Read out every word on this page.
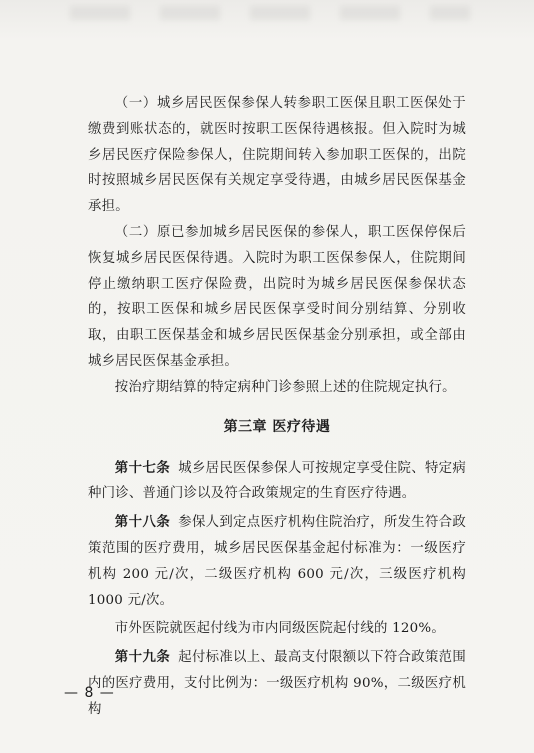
（一）城乡居民医保参保人转参职工医保且职工医保处于缴费到账状态的，就医时按职工医保待遇核报。但入院时为城乡居民医疗保险参保人，住院期间转入参加职工医保的，出院时按照城乡居民医保有关规定享受待遇，由城乡居民医保基金承担。

（二）原已参加城乡居民医保的参保人，职工医保停保后恢复城乡居民医保待遇。入院时为职工医保参保人，住院期间停止缴纳职工医疗保险费，出院时为城乡居民医保参保状态的，按职工医保和城乡居民医保享受时间分别结算、分别收取，由职工医保基金和城乡居民医保基金分别承担，或全部由城乡居民医保基金承担。

按治疗期结算的特定病种门诊参照上述的住院规定执行。

第三章 医疗待遇

第十七条 城乡居民医保参保人可按规定享受住院、特定病种门诊、普通门诊以及符合政策规定的生育医疗待遇。

第十八条 参保人到定点医疗机构住院治疗，所发生符合政策范围的医疗费用，城乡居民医保基金起付标准为：一级医疗机构 200 元/次，二级医疗机构 600 元/次，三级医疗机构 1000 元/次。

市外医院就医起付线为市内同级医院起付线的 120%。

第十九条 起付标准以上、最高支付限额以下符合政策范围内的医疗费用，支付比例为：一级医疗机构 90%，二级医疗机构

— 8 —
